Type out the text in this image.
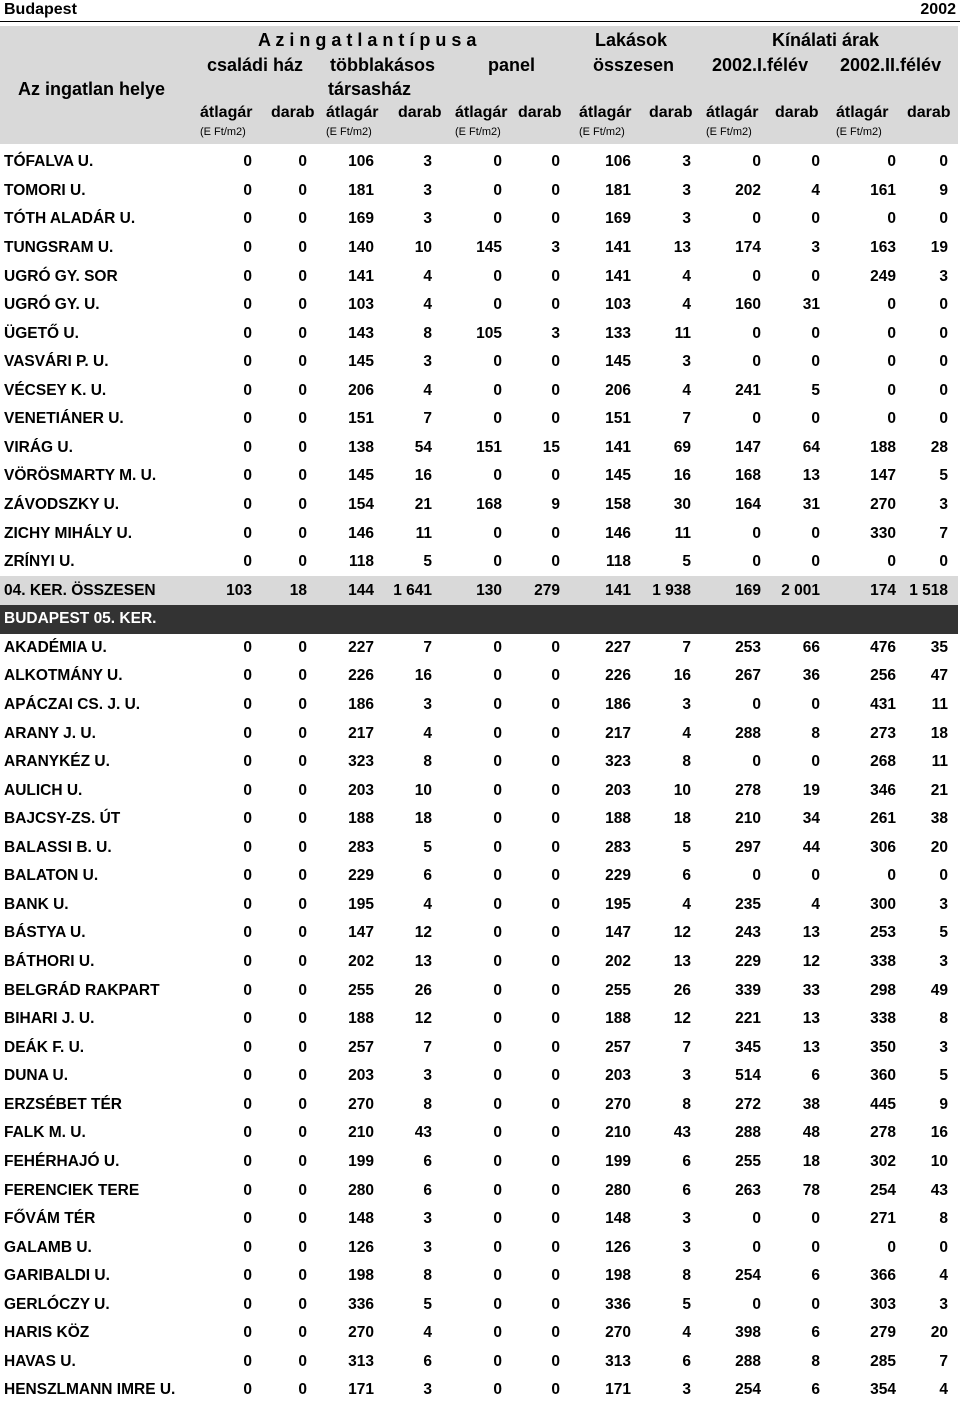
Budapest	2002
Az ingatlan helye
A z i n g a t l a n t í p u s a
családi ház többlakásos
társasház
panel
Lakások
összesen
Kínálati árak
2002.I.félév 2002.II.félév
átlagár darab átlagár darab átlagár darab átlagár darab átlagár darab átlagár darab
(E Ft/m2)	(E Ft/m2)	(E Ft/m2)	(E Ft/m2)	(E Ft/m2)	(E Ft/m2)
TÓFALVA U.	0	0	106	3	0	0	106	3	0	0	0	0
TOMORI U.	0	0	181	3	0	0	181	3	202	4	161	9
TÓTH ALADÁR U.	0	0	169	3	0	0	169	3	0	0	0	0
TUNGSRAM U.	0	0	140	10	145	3	141	13	174	3	163	19
UGRÓ GY. SOR	0	0	141	4	0	0	141	4	0	0	249	3
UGRÓ GY. U.	0	0	103	4	0	0	103	4	160	31	0	0
ÜGETŐ U.	0	0	143	8	105	3	133	11	0	0	0	0
VASVÁRI P. U.	0	0	145	3	0	0	145	3	0	0	0	0
VÉCSEY K. U.	0	0	206	4	0	0	206	4	241	5	0	0
VENETIÁNER U.	0	0	151	7	0	0	151	7	0	0	0	0
VIRÁG U.	0	0	138	54	151	15	141	69	147	64	188	28
VÖRÖSMARTY M. U.	0	0	145	16	0	0	145	16	168	13	147	5
ZÁVODSZKY U.	0	0	154	21	168	9	158	30	164	31	270	3
ZICHY MIHÁLY U.	0	0	146	11	0	0	146	11	0	0	330	7
ZRÍNYI U.	0	0	118	5	0	0	118	5	0	0	0	0
04. KER. ÖSSZESEN	103	18	144	1 641	130	279	141	1 938	169	2 001	174	1 518
BUDAPEST 05. KER.												
AKADÉMIA U.	0	0	227	7	0	0	227	7	253	66	476	35
ALKOTMÁNY U.	0	0	226	16	0	0	226	16	267	36	256	47
APÁCZAI CS. J. U.	0	0	186	3	0	0	186	3	0	0	431	11
ARANY J. U.	0	0	217	4	0	0	217	4	288	8	273	18
ARANYKÉZ U.	0	0	323	8	0	0	323	8	0	0	268	11
AULICH U.	0	0	203	10	0	0	203	10	278	19	346	21
BAJCSY-ZS. ÚT	0	0	188	18	0	0	188	18	210	34	261	38
BALASSI B. U.	0	0	283	5	0	0	283	5	297	44	306	20
BALATON U.	0	0	229	6	0	0	229	6	0	0	0	0
BANK U.	0	0	195	4	0	0	195	4	235	4	300	3
BÁSTYA U.	0	0	147	12	0	0	147	12	243	13	253	5
BÁTHORI U.	0	0	202	13	0	0	202	13	229	12	338	3
BELGRÁD RAKPART	0	0	255	26	0	0	255	26	339	33	298	49
BIHARI J. U.	0	0	188	12	0	0	188	12	221	13	338	8
DEÁK F. U.	0	0	257	7	0	0	257	7	345	13	350	3
DUNA U.	0	0	203	3	0	0	203	3	514	6	360	5
ERZSÉBET TÉR	0	0	270	8	0	0	270	8	272	38	445	9
FALK M. U.	0	0	210	43	0	0	210	43	288	48	278	16
FEHÉRHAJÓ U.	0	0	199	6	0	0	199	6	255	18	302	10
FERENCIEK TERE	0	0	280	6	0	0	280	6	263	78	254	43
FŐVÁM TÉR	0	0	148	3	0	0	148	3	0	0	271	8
GALAMB U.	0	0	126	3	0	0	126	3	0	0	0	0
GARIBALDI U.	0	0	198	8	0	0	198	8	254	6	366	4
GERLÓCZY U.	0	0	336	5	0	0	336	5	0	0	303	3
HARIS KÖZ	0	0	270	4	0	0	270	4	398	6	279	20
HAVAS U.	0	0	313	6	0	0	313	6	288	8	285	7
HENSZLMANN IMRE U.	0	0	171	3	0	0	171	3	254	6	354	4
